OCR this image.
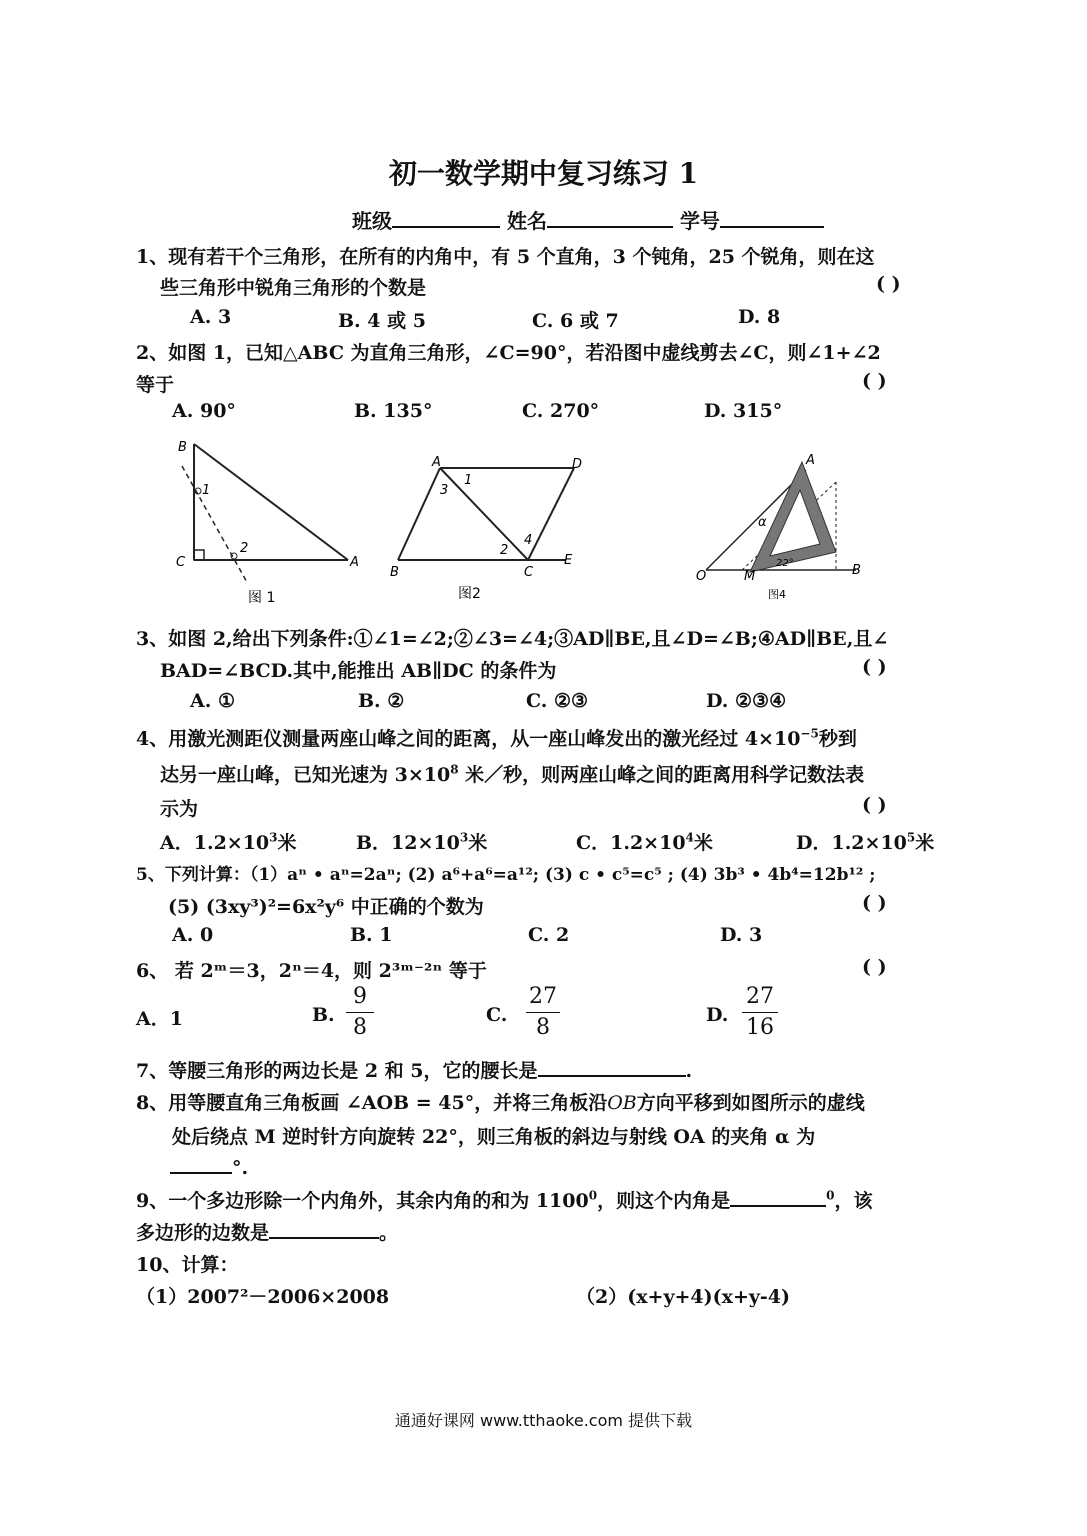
初一数学期中复习练习 1
班级	姓名	学号
1、现有若干个三角形，在所有的内角中，有 5 个直角，3 个钝角，25 个锐角，则在这
些三角形中锐角三角形的个数是	( )
A. 3	B. 4 或 5	C. 6 或 7	D. 8
2、如图 1，已知△ABC 为直角三角形，∠C=90°，若沿图中虚线剪去∠C，则∠1+∠2
等于	( )
A. 90°	B. 135°	C. 270°	D. 315°
B
1
C
2
A
图 1
A	D
1
3
4
2
B	C
E
图2
A
α
22°
O	M	B
图4
3、如图 2,给出下列条件:①∠1=∠2;②∠3=∠4;③AD∥BE,且∠D=∠B;④AD∥BE,且∠
BAD=∠BCD.其中,能推出 AB∥DC 的条件为	( )
A. ①	B. ②	C. ②③	D. ②③④
4、用激光测距仪测量两座山峰之间的距离，从一座山峰发出的激光经过 $4\times 10^{-5}$秒到
达另一座山峰，已知光速为 $3\times 10^8$ 米／秒，则两座山峰之间的距离用科学记数法表
示为	( )
A．$1.2\times 10^3$米	B．$12\times 10^3$米	C．$1.2\times 10^4$米	D．$1.2\times 10^5$米
5、下列计算：（1）aⁿ • aⁿ=2aⁿ; (2) a⁶+a⁶=a¹²; (3) c • c⁵=c⁵ ; (4) 3b³ • 4b⁴=12b¹² ;
(5) (3xy³)²=6x²y⁶ 中正确的个数为	( )
A. 0	B. 1	C. 2	D. 3
6、 若 2ᵐ＝3，2ⁿ＝4，则 2³ᵐ⁻²ⁿ 等于	( )
A．1	B.
9
8	C.
27
8	D.
27
16
7、等腰三角形的两边长是 2 和 5，它的腰长是	.
8、用等腰直角三角板画 ∠AOB = 45°，并将三角板沿OB方向平移到如图所示的虚线
处后绕点 M 逆时针方向旋转 22°，则三角板的斜边与射线 OA 的夹角 α 为
°.
9、一个多边形除一个内角外，其余内角的和为 1100$^0$，则这个内角是	$^0$，该
多边形的边数是	。
10、计算：
（1）2007²－2006×2008	（2）(x+y+4)(x+y-4)
通通好课网 www.tthaoke.com 提供下载
